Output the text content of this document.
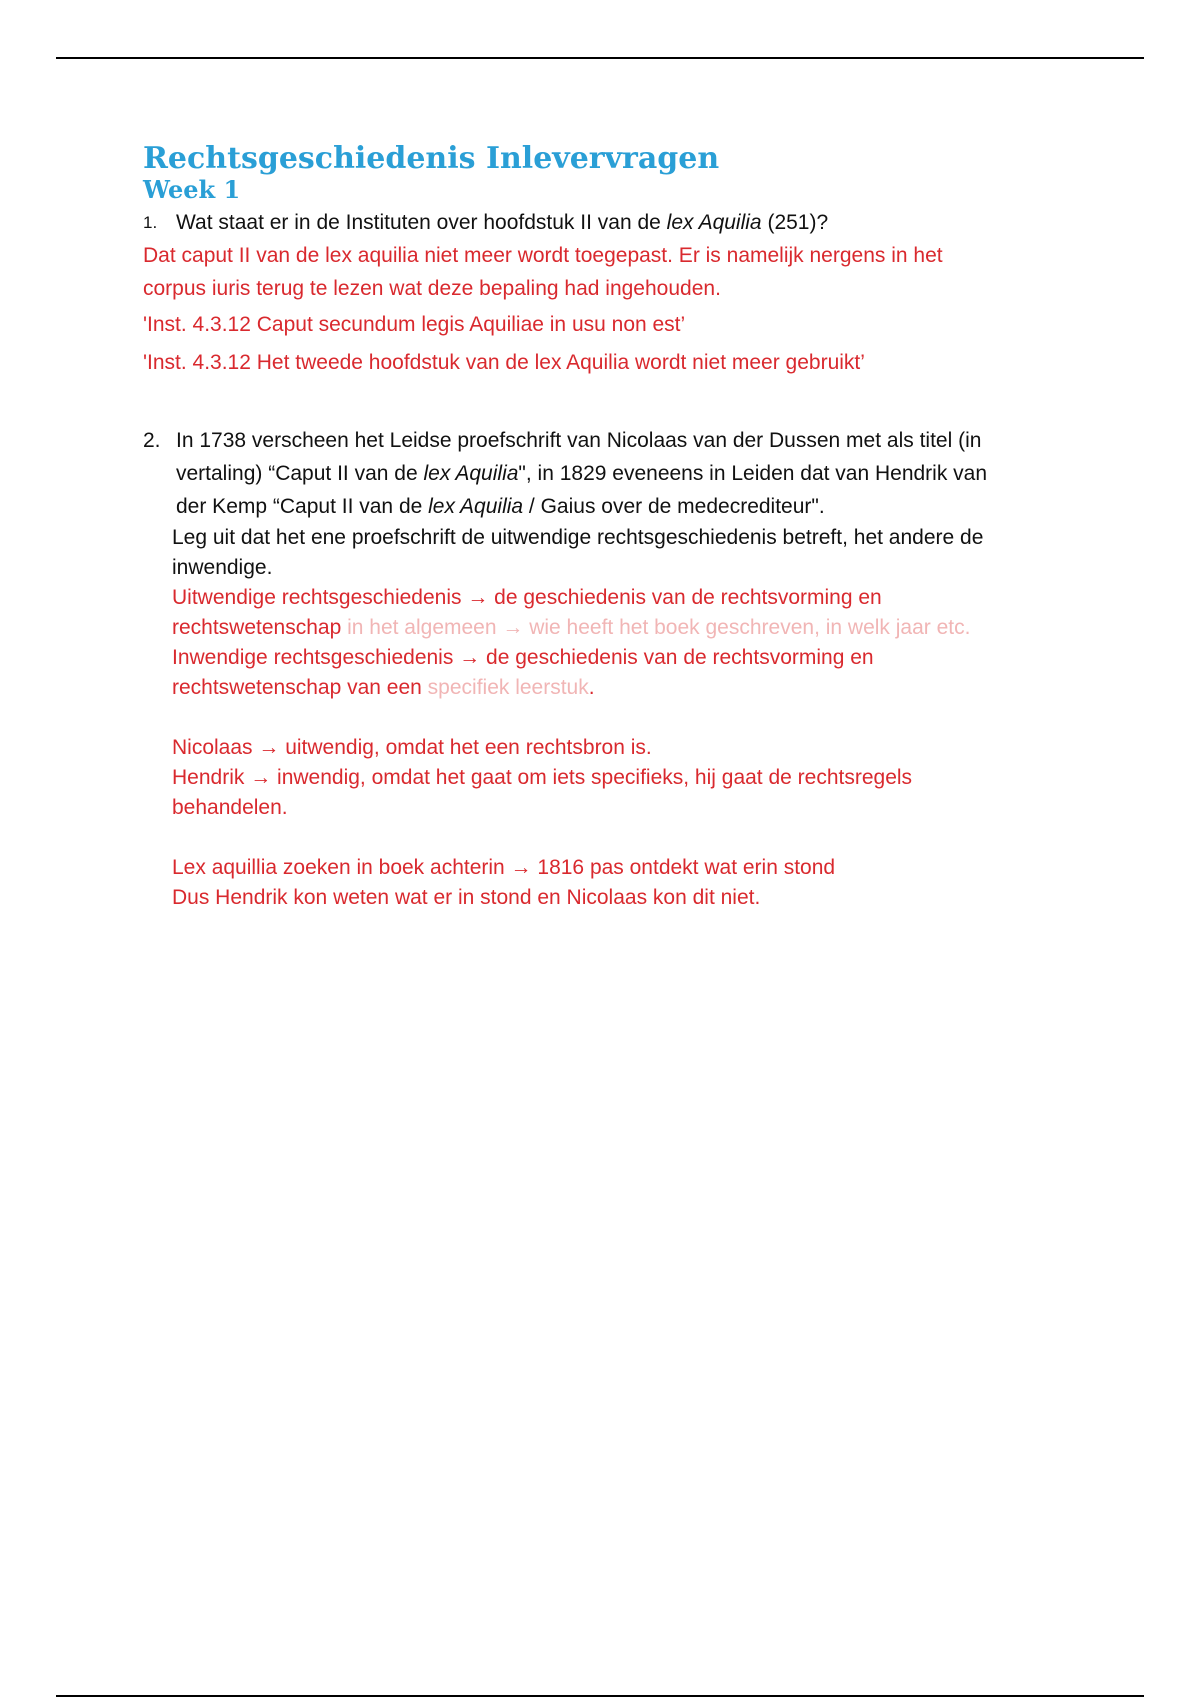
Rechtsgeschiedenis Inlevervragen
Week 1
1. Wat staat er in de Instituten over hoofdstuk II van de lex Aquilia (251)?

Dat caput II van de lex aquilia niet meer wordt toegepast. Er is namelijk nergens in het

corpus iuris terug te lezen wat deze bepaling had ingehouden.

'Inst. 4.3.12 Caput secundum legis Aquiliae in usu non est’

'Inst. 4.3.12 Het tweede hoofdstuk van de lex Aquilia wordt niet meer gebruikt’

2. In 1738 verscheen het Leidse proefschrift van Nicolaas van der Dussen met als titel (in
vertaling) “Caput II van de lex Aquilia", in 1829 eveneens in Leiden dat van Hendrik van
der Kemp “Caput II van de lex Aquilia / Gaius over de medecrediteur".

Leg uit dat het ene proefschrift de uitwendige rechtsgeschiedenis betreft, het andere de

inwendige.

Uitwendige rechtsgeschiedenis → de geschiedenis van de rechtsvorming en

rechtswetenschap in het algemeen → wie heeft het boek geschreven, in welk jaar etc.

Inwendige rechtsgeschiedenis → de geschiedenis van de rechtsvorming en

rechtswetenschap van een specifiek leerstuk.

Nicolaas → uitwendig, omdat het een rechtsbron is.

Hendrik → inwendig, omdat het gaat om iets specifieks, hij gaat de rechtsregels

behandelen.

Lex aquillia zoeken in boek achterin → 1816 pas ontdekt wat erin stond

Dus Hendrik kon weten wat er in stond en Nicolaas kon dit niet.
